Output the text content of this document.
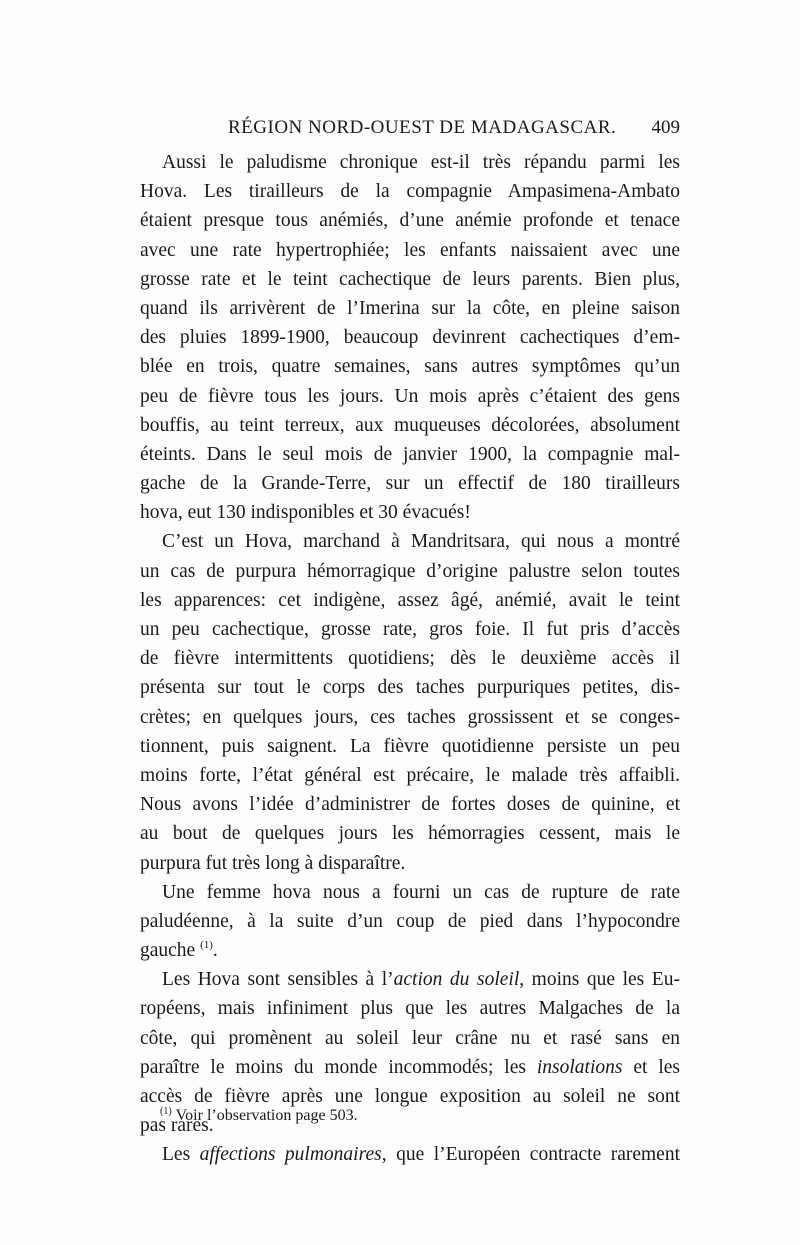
RÉGION NORD-OUEST DE MADAGASCAR. 409
Aussi le paludisme chronique est-il très répandu parmi les
Hova. Les tirailleurs de la compagnie Ampasimena-Ambato
étaient presque tous anémiés, d’une anémie profonde et tenace
avec une rate hypertrophiée; les enfants naissaient avec une
grosse rate et le teint cachectique de leurs parents. Bien plus,
quand ils arrivèrent de l’Imerina sur la côte, en pleine saison
des pluies 1899-1900, beaucoup devinrent cachectiques d’em-
blée en trois, quatre semaines, sans autres symptômes qu’un
peu de fièvre tous les jours. Un mois après c’étaient des gens
bouffis, au teint terreux, aux muqueuses décolorées, absolument
éteints. Dans le seul mois de janvier 1900, la compagnie mal-
gache de la Grande-Terre, sur un effectif de 180 tirailleurs
hova, eut 130 indisponibles et 30 évacués!
C’est un Hova, marchand à Mandritsara, qui nous a montré
un cas de purpura hémorragique d’origine palustre selon toutes
les apparences: cet indigène, assez âgé, anémié, avait le teint
un peu cachectique, grosse rate, gros foie. Il fut pris d’accès
de fièvre intermittents quotidiens; dès le deuxième accès il
présenta sur tout le corps des taches purpuriques petites, dis-
crètes; en quelques jours, ces taches grossissent et se conges-
tionnent, puis saignent. La fièvre quotidienne persiste un peu
moins forte, l’état général est précaire, le malade très affaibli.
Nous avons l’idée d’administrer de fortes doses de quinine, et
au bout de quelques jours les hémorragies cessent, mais le
purpura fut très long à disparaître.
Une femme hova nous a fourni un cas de rupture de rate
paludéenne, à la suite d’un coup de pied dans l’hypocondre
gauche $^{(1)}$.
Les Hova sont sensibles à l’action du soleil, moins que les Eu-
ropéens, mais infiniment plus que les autres Malgaches de la
côte, qui promènent au soleil leur crâne nu et rasé sans en
paraître le moins du monde incommodés; les insolations et les
accès de fièvre après une longue exposition au soleil ne sont
pas rares.
Les affections pulmonaires, que l’Européen contracte rarement
$^{(1)}$ Voir l’observation page 503.
